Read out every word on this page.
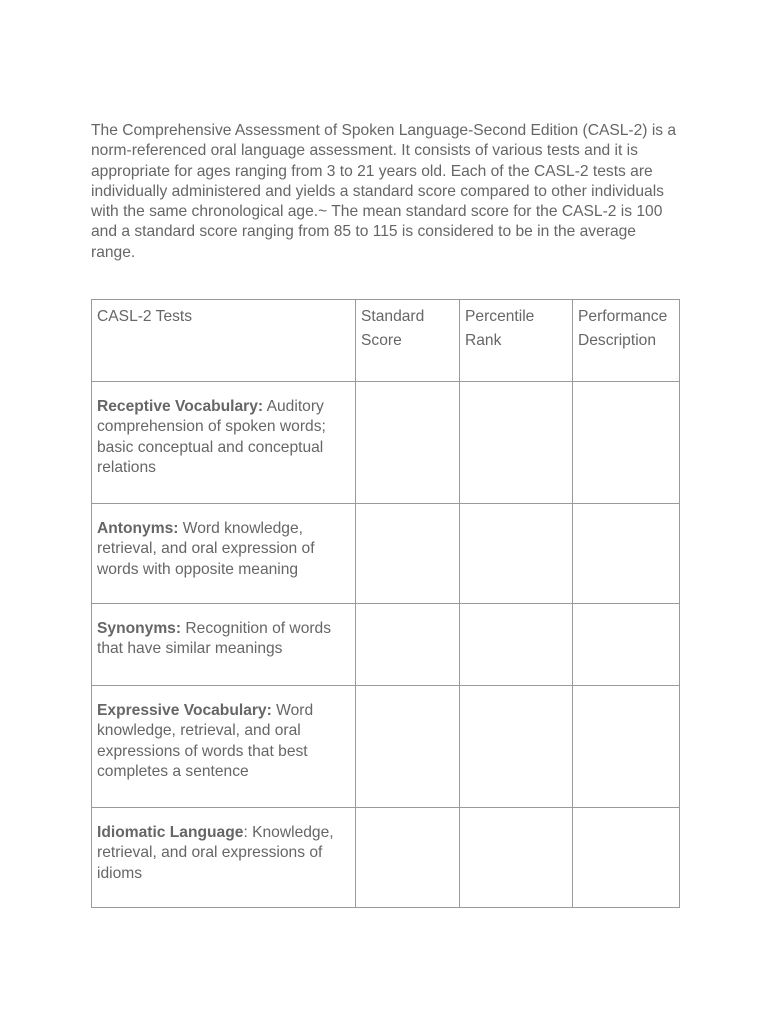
The Comprehensive Assessment of Spoken Language-Second Edition (CASL-2) is a norm-referenced oral language assessment. It consists of various tests and it is appropriate for ages ranging from 3 to 21 years old. Each of the CASL-2 tests are individually administered and yields a standard score compared to other individuals with the same chronological age.~ The mean standard score for the CASL-2 is 100 and a standard score ranging from 85 to 115 is considered to be in the average range.

CASL-2 Tests	Standard Score	Percentile Rank	Performance Description
Receptive Vocabulary: Auditory comprehension of spoken words; basic conceptual and conceptual relations			
Antonyms: Word knowledge, retrieval, and oral expression of words with opposite meaning			
Synonyms: Recognition of words that have similar meanings			
Expressive Vocabulary: Word knowledge, retrieval, and oral expressions of words that best completes a sentence			
Idiomatic Language: Knowledge, retrieval, and oral expressions of idioms			
